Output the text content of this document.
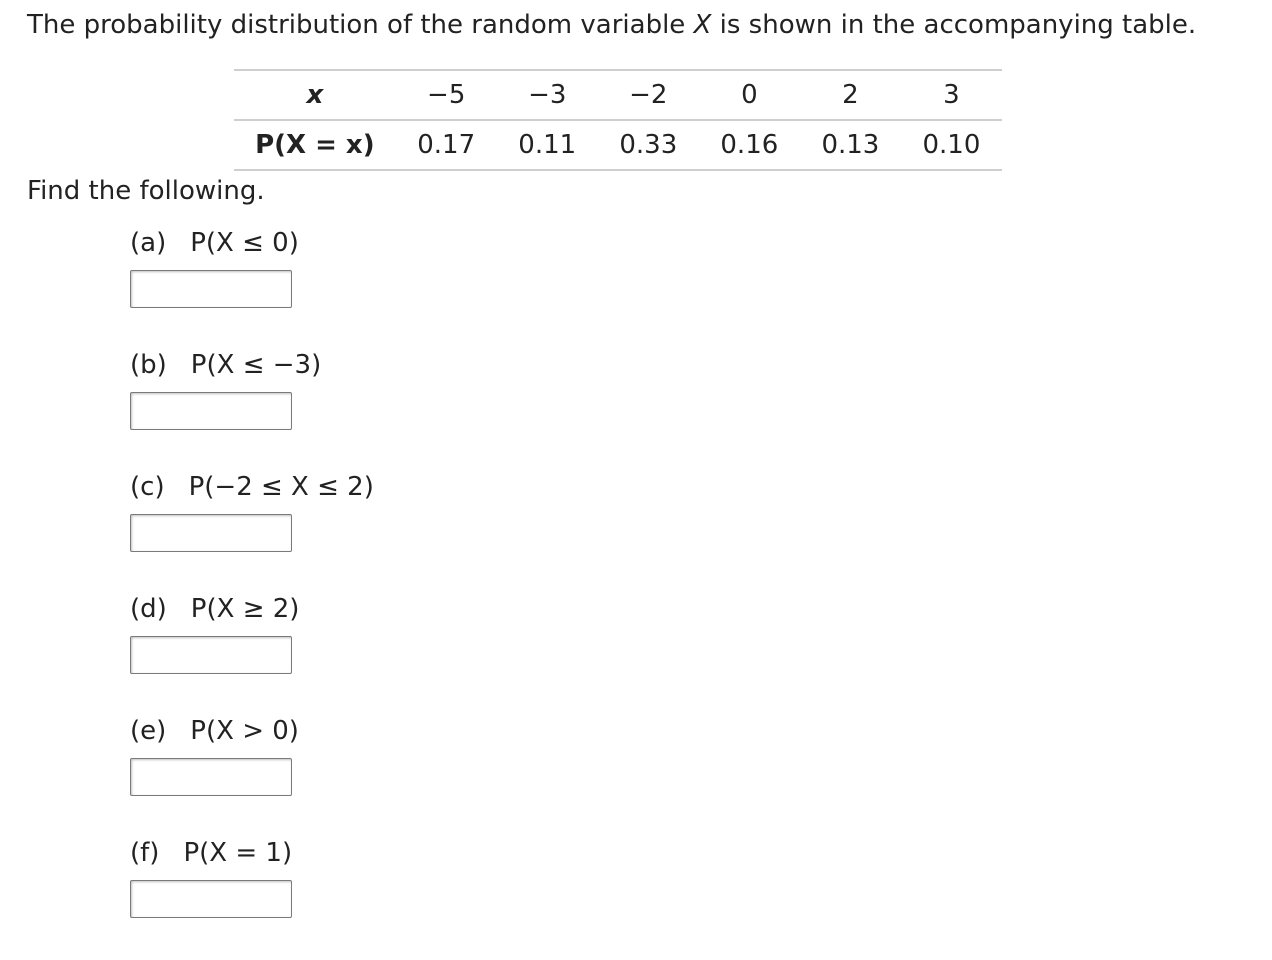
The probability distribution of the random variable X is shown in the accompanying table.
x	−5	−3	−2	0	2	3
P(X = x)	0.17	0.11	0.33	0.16	0.13	0.10
Find the following.
(a) P(X ≤ 0)
(b) P(X ≤ −3)
(c) P(−2 ≤ X ≤ 2)
(d) P(X ≥ 2)
(e) P(X > 0)
(f) P(X = 1)
